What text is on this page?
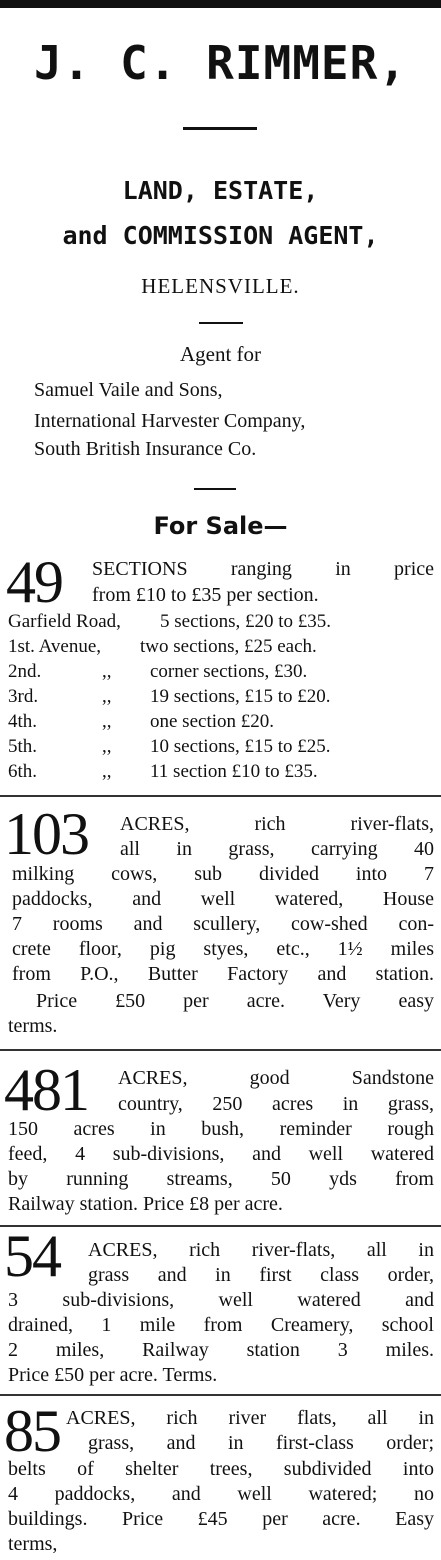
J. C. RIMMER,
LAND, ESTATE,
and COMMISSION AGENT,
HELENSVILLE.
Agent for
Samuel Vaile and Sons,
International Harvester Company,
South British Insurance Co.
For Sale—
49 SECTIONS ranging in price
from £10 to £35 per section.
Garfield Road, 5 sections, £20 to £35.
1st. Avenue, two sections, £25 each.
2nd.	,, corner sections, £30.
3rd.	,, 19 sections, £15 to £20.
4th.	,, one section £20.
5th.	,, 10 sections, £15 to £25.
6th.	,, 11 section £10 to £35.
103 ACRES, rich river-flats,
all in grass, carrying 40
milking cows, sub divided into 7
paddocks, and well watered, House
7 rooms and scullery, cow-shed con-
crete floor, pig styes, etc., 1½ miles
from P.O., Butter Factory and station.
Price £50 per acre. Very easy
terms.
481 ACRES, good Sandstone
country, 250 acres in grass,
150 acres in bush, reminder rough
feed, 4 sub-divisions, and well watered
by running streams, 50 yds from
Railway station. Price £8 per acre.
54 ACRES, rich river-flats, all in
grass and in first class order,
3 sub-divisions, well watered and
drained, 1 mile from Creamery, school
2 miles, Railway station 3 miles.
Price £50 per acre. Terms.
85 ACRES, rich river flats, all in
grass, and in first-class order;
belts of shelter trees, subdivided into
4 paddocks, and well watered; no
buildings. Price £45 per acre. Easy
terms,
